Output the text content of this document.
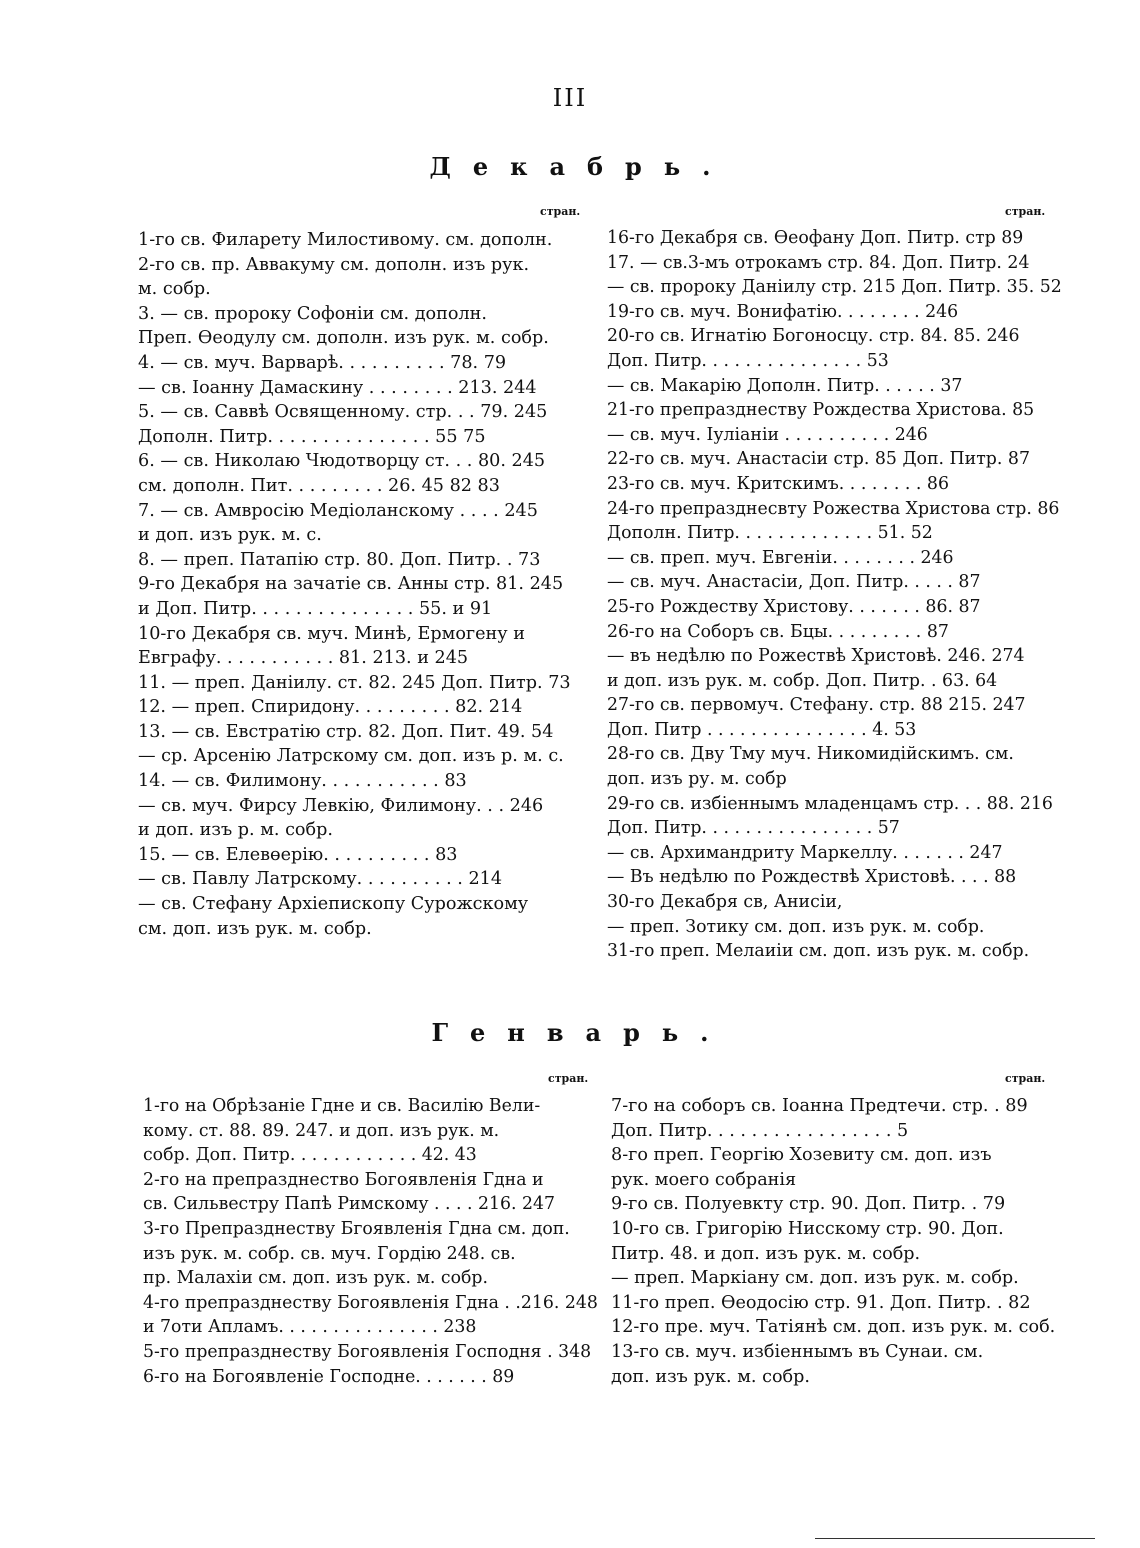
III
Декабрь.
стран.	стран.
1-го св. Филарету Милостивому. см. дополн.
2-го св. пр. Аввакуму см. дополн. изъ рук.
м. собр.
3. — св. пророку Софоніи см. дополн.
Преп. Өеодулу см. дополн. изъ рук. м. собр.
4. — св. муч. Варварѣ. . . . . . . . . . 78. 79
— св. Іоанну Дамаскину . . . . . . . . 213. 244
5. — св. Саввѣ Освященному. стр. . . 79. 245
Дополн. Питр. . . . . . . . . . . . . . . 55 75
6. — св. Николаю Чюдотворцу ст. . . 80. 245
см. дополн. Пит. . . . . . . . . 26. 45 82 83
7. — св. Амвросію Медіоланскому . . . . 245
и доп. изъ рук. м. с.
8. — преп. Патапію стр. 80. Доп. Питр. . 73
9-го Декабря на зачатіе св. Анны стр. 81. 245
и Доп. Питр. . . . . . . . . . . . . . . 55. и 91
10-го Декабря св. муч. Минѣ, Ермогену и
Евграфу. . . . . . . . . . . 81. 213. и 245
11. — преп. Даніилу. ст. 82. 245 Доп. Питр. 73
12. — преп. Спиридону. . . . . . . . . 82. 214
13. — св. Евстратію стр. 82. Доп. Пит. 49. 54
— ср. Арсенію Латрскому см. доп. изъ р. м. с.
14. — св. Филимону. . . . . . . . . . . 83
— св. муч. Фирсу Левкію, Филимону. . . 246
и доп. изъ р. м. собр.
15. — св. Елевөерію. . . . . . . . . . 83
— св. Павлу Латрскому. . . . . . . . . . 214
— св. Стефану Архіепископу Сурожскому
см. доп. изъ рук. м. собр.
16-го Декабря св. Өеофану Доп. Питр. стр 89
17. — св.3-мъ отрокамъ стр. 84. Доп. Питр. 24
— св. пророку Даніилу стр. 215 Доп. Питр. 35. 52
19-го св. муч. Вонифатію. . . . . . . . 246
20-го св. Игнатію Богоносцу. стр. 84. 85. 246
Доп. Питр. . . . . . . . . . . . . . . 53
— св. Макарію Дополн. Питр. . . . . . 37
21-го препразднеству Рождества Христова. 85
— св. муч. Іуліаніи . . . . . . . . . . 246
22-го св. муч. Анастасіи стр. 85 Доп. Питр. 87
23-го св. муч. Критскимъ. . . . . . . . 86
24-го препразднесвту Рожества Христова стр. 86
Дополн. Питр. . . . . . . . . . . . . 51. 52
— св. преп. муч. Евгеніи. . . . . . . . 246
— св. муч. Анастасіи, Доп. Питр. . . . . 87
25-го Рождеству Христову. . . . . . . 86. 87
26-го на Соборъ св. Бцы. . . . . . . . . 87
— въ недѣлю по Рожествѣ Христовѣ. 246. 274
и доп. изъ рук. м. собр. Доп. Питр. . 63. 64
27-го св. первомуч. Стефану. стр. 88 215. 247
Доп. Питр . . . . . . . . . . . . . . . 4. 53
28-го св. Дву Тму муч. Никомидійскимъ. см.
доп. изъ ру. м. собр
29-го св. избіеннымъ младенцамъ стр. . . 88. 216
Доп. Питр. . . . . . . . . . . . . . . . 57
— св. Архимандриту Маркеллу. . . . . . . 247
— Въ недѣлю по Рождествѣ Христовѣ. . . . 88
30-го Декабря св, Анисіи,
— преп. Зотику см. доп. изъ рук. м. собр.
31-го преп. Мелаиіи см. доп. изъ рук. м. собр.
Генварь.
стран.	стран.
1-го на Обрѣзаніе Гдне и св. Василію Вели-
кому. ст. 88. 89. 247. и доп. изъ рук. м.
собр. Доп. Питр. . . . . . . . . . . . 42. 43
2-го на препразднество Богоявленія Гдна и
св. Сильвестру Папѣ Римскому . . . . 216. 247
3-го Препразднеству Бгоявленія Гдна см. доп.
изъ рук. м. собр. св. муч. Гордію 248. св.
пр. Малахіи см. доп. изъ рук. м. собр.
4-го препразднеству Богоявленія Гдна . .216. 248
и 7оти Апламъ. . . . . . . . . . . . . . . 238
5-го препразднеству Богоявленія Господня . 348
6-го на Богоявленіе Господне. . . . . . . 89
7-го на соборъ св. Іоанна Предтечи. стр. . 89
Доп. Питр. . . . . . . . . . . . . . . . . 5
8-го преп. Георгію Хозевиту см. доп. изъ
рук. моего собранія
9-го св. Полуевкту стр. 90. Доп. Питр. . 79
10-го св. Григорію Нисскому стр. 90. Доп.
Питр. 48. и доп. изъ рук. м. собр.
— преп. Маркіану см. доп. изъ рук. м. собр.
11-го преп. Өеодосію стр. 91. Доп. Питр. . 82
12-го пре. муч. Татіянѣ см. доп. изъ рук. м. соб.
13-го св. муч. избіеннымъ въ Сунаи. см.
доп. изъ рук. м. собр.
